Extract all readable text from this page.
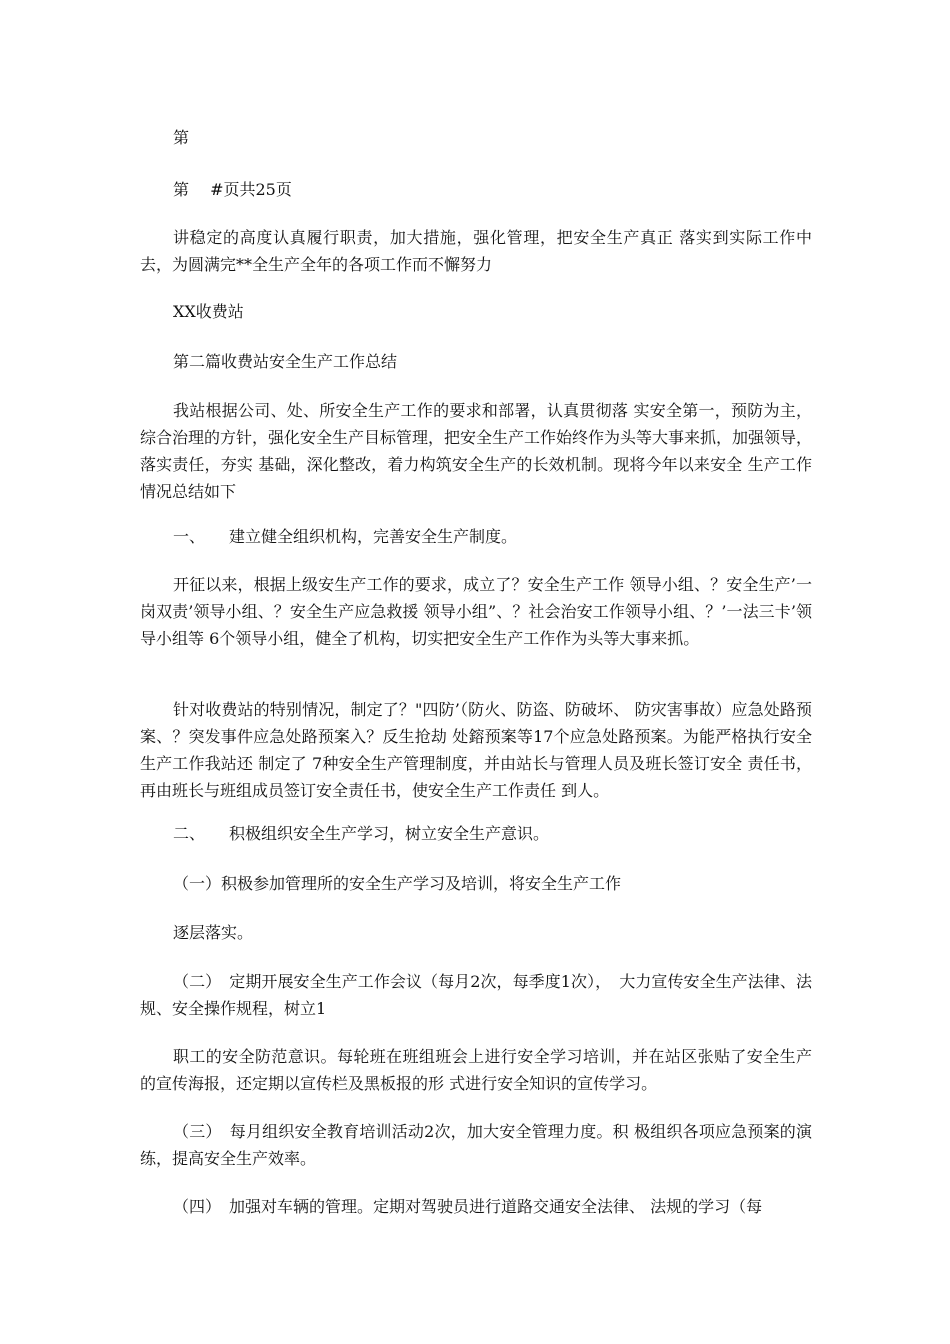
第

第　 #页共25页

讲稳定的高度认真履行职责，加大措施，强化管理，把安全生产真正 落实到实际工作中去，为圆满完**全生产全年的各项工作而不懈努力

XX收费站

第二篇收费站安全生产工作总结

我站根据公司、处、所安全生产工作的要求和部署，认真贯彻落 实安全第一，预防为主，综合治理的方针，强化安全生产目标管理，把安全生产工作始终作为头等大事来抓，加强领导，落实责任，夯实 基础，深化整改，着力构筑安全生产的长效机制。现将今年以来安全 生产工作情况总结如下

一、　　建立健全组织机构，完善安全生产制度。

开征以来，根据上级安生产工作的要求，成立了？安全生产工作 领导小组、？安全生产’一岗双责’领导小组、？安全生产应急救援 领导小组”、？社会治安工作领导小组、？’一法三卡’领导小组等 6个领导小组，健全了机构，切实把安全生产工作作为头等大事来抓。

针对收费站的特别情况，制定了？"四防’（防火、防盗、防破坏、 防灾害事故）应急处路预案、？突发事件应急处路预案入？反生抢劫 处鎔预案等17个应急处路预案。为能严格执行安全生产工作我站还 制定了 7种安全生产管理制度，并由站长与管理人员及班长签订安全 责任书，再由班长与班组成员签订安全责任书，使安全生产工作责任 到人。

二、　　积极组织安全生产学习，树立安全生产意识。

（一）积极参加管理所的安全生产学习及培训，将安全生产工作

逐层落实。

（二）　定期开展安全生产工作会议（每月2次，每季度1次），　大力宣传安全生产法律、法规、安全操作规程，树立1

职工的安全防范意识。每轮班在班组班会上进行安全学习培训，并在站区张贴了安全生产的宣传海报，还定期以宣传栏及黑板报的形 式进行安全知识的宣传学习。

（三）　每月组织安全教育培训活动2次，加大安全管理力度。积 极组织各项应急预案的演练，提高安全生产效率。

（四）　加强对车辆的管理。定期对驾驶员进行道路交通安全法律、 法规的学习（每
